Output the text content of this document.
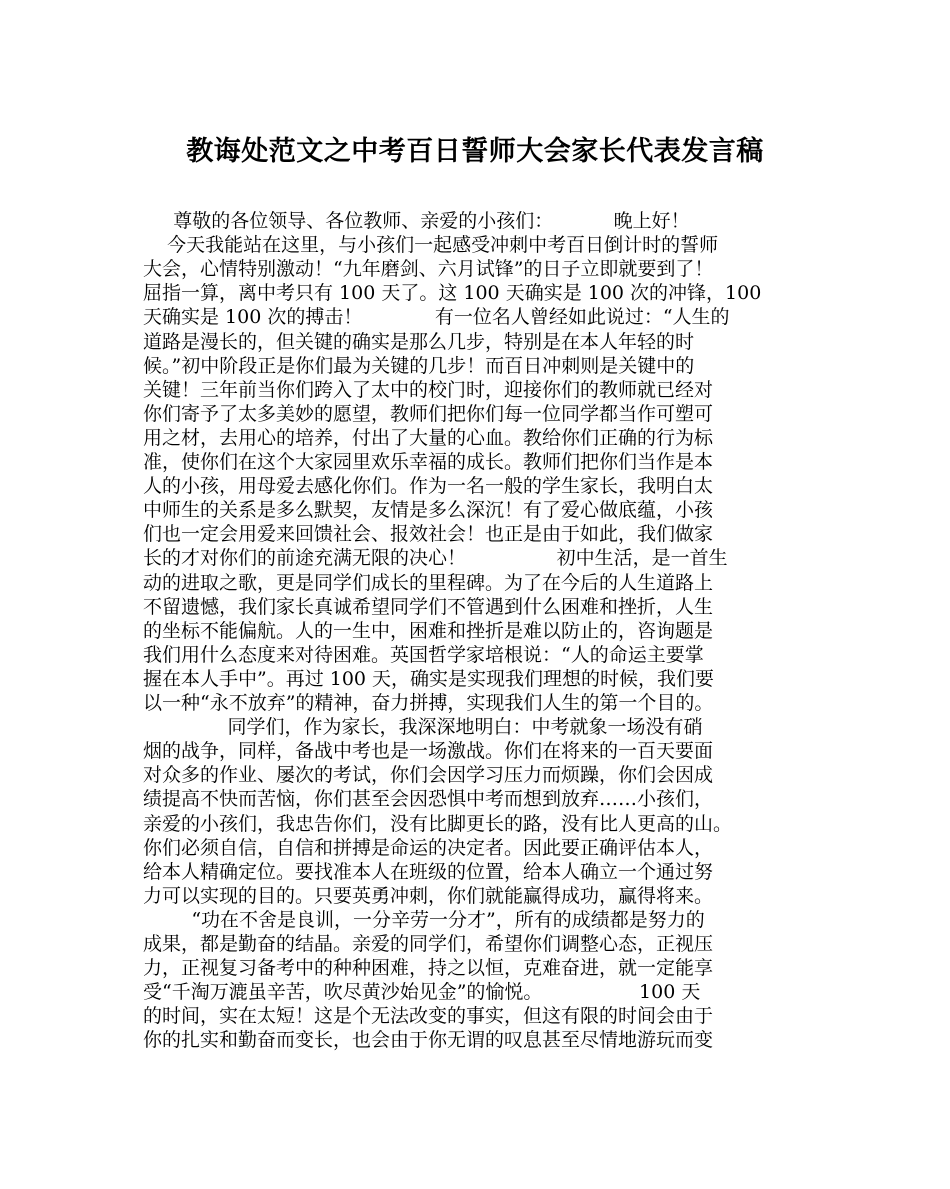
教诲处范文之中考百日誓师大会家长代表发言稿

尊敬的各位领导、各位教师、亲爱的小孩们：          晚上好！

今天我能站在这里，与小孩们一起感受冲刺中考百日倒计时的誓师

大会，心情特别激动！“九年磨剑、六月试锋”的日子立即就要到了！

屈指一算，离中考只有 100 天了。这 100 天确实是 100 次的冲锋，100

天确实是 100 次的搏击！            有一位名人曾经如此说过：“人生的

道路是漫长的，但关键的确实是那么几步，特别是在本人年轻的时

候。”初中阶段正是你们最为关键的几步！而百日冲刺则是关键中的

关键！三年前当你们跨入了太中的校门时，迎接你们的教师就已经对

你们寄予了太多美妙的愿望，教师们把你们每一位同学都当作可塑可

用之材，去用心的培养，付出了大量的心血。教给你们正确的行为标

准，使你们在这个大家园里欢乐幸福的成长。教师们把你们当作是本

人的小孩，用母爱去感化你们。作为一名一般的学生家长，我明白太

中师生的关系是多么默契，友情是多么深沉！有了爱心做底蕴，小孩

们也一定会用爱来回馈社会、报效社会！也正是由于如此，我们做家

长的才对你们的前途充满无限的决心！               初中生活，是一首生

动的进取之歌，更是同学们成长的里程碑。为了在今后的人生道路上

不留遗憾，我们家长真诚希望同学们不管遇到什么困难和挫折，人生

的坐标不能偏航。人的一生中，困难和挫折是难以防止的，咨询题是

我们用什么态度来对待困难。英国哲学家培根说：“人的命运主要掌

握在本人手中”。再过 100 天，确实是实现我们理想的时候，我们要

以一种“永不放弃”的精神，奋力拼搏，实现我们人生的第一个目的。

同学们，作为家长，我深深地明白：中考就象一场没有硝

烟的战争，同样，备战中考也是一场激战。你们在将来的一百天要面

对众多的作业、屡次的考试，你们会因学习压力而烦躁，你们会因成

绩提高不快而苦恼，你们甚至会因恐惧中考而想到放弃……小孩们，

亲爱的小孩们，我忠告你们，没有比脚更长的路，没有比人更高的山。

你们必须自信，自信和拼搏是命运的决定者。因此要正确评估本人，

给本人精确定位。要找准本人在班级的位置，给本人确立一个通过努

力可以实现的目的。只要英勇冲刺，你们就能赢得成功，赢得将来。

“功在不舍是良训，一分辛劳一分才”，所有的成绩都是努力的

成果，都是勤奋的结晶。亲爱的同学们，希望你们调整心态，正视压

力，正视复习备考中的种种困难，持之以恒，克难奋进，就一定能享

受“千淘万漉虽辛苦，吹尽黄沙始见金”的愉悦。                100 天

的时间，实在太短！这是个无法改变的事实，但这有限的时间会由于

你的扎实和勤奋而变长，也会由于你无谓的叹息甚至尽情地游玩而变
